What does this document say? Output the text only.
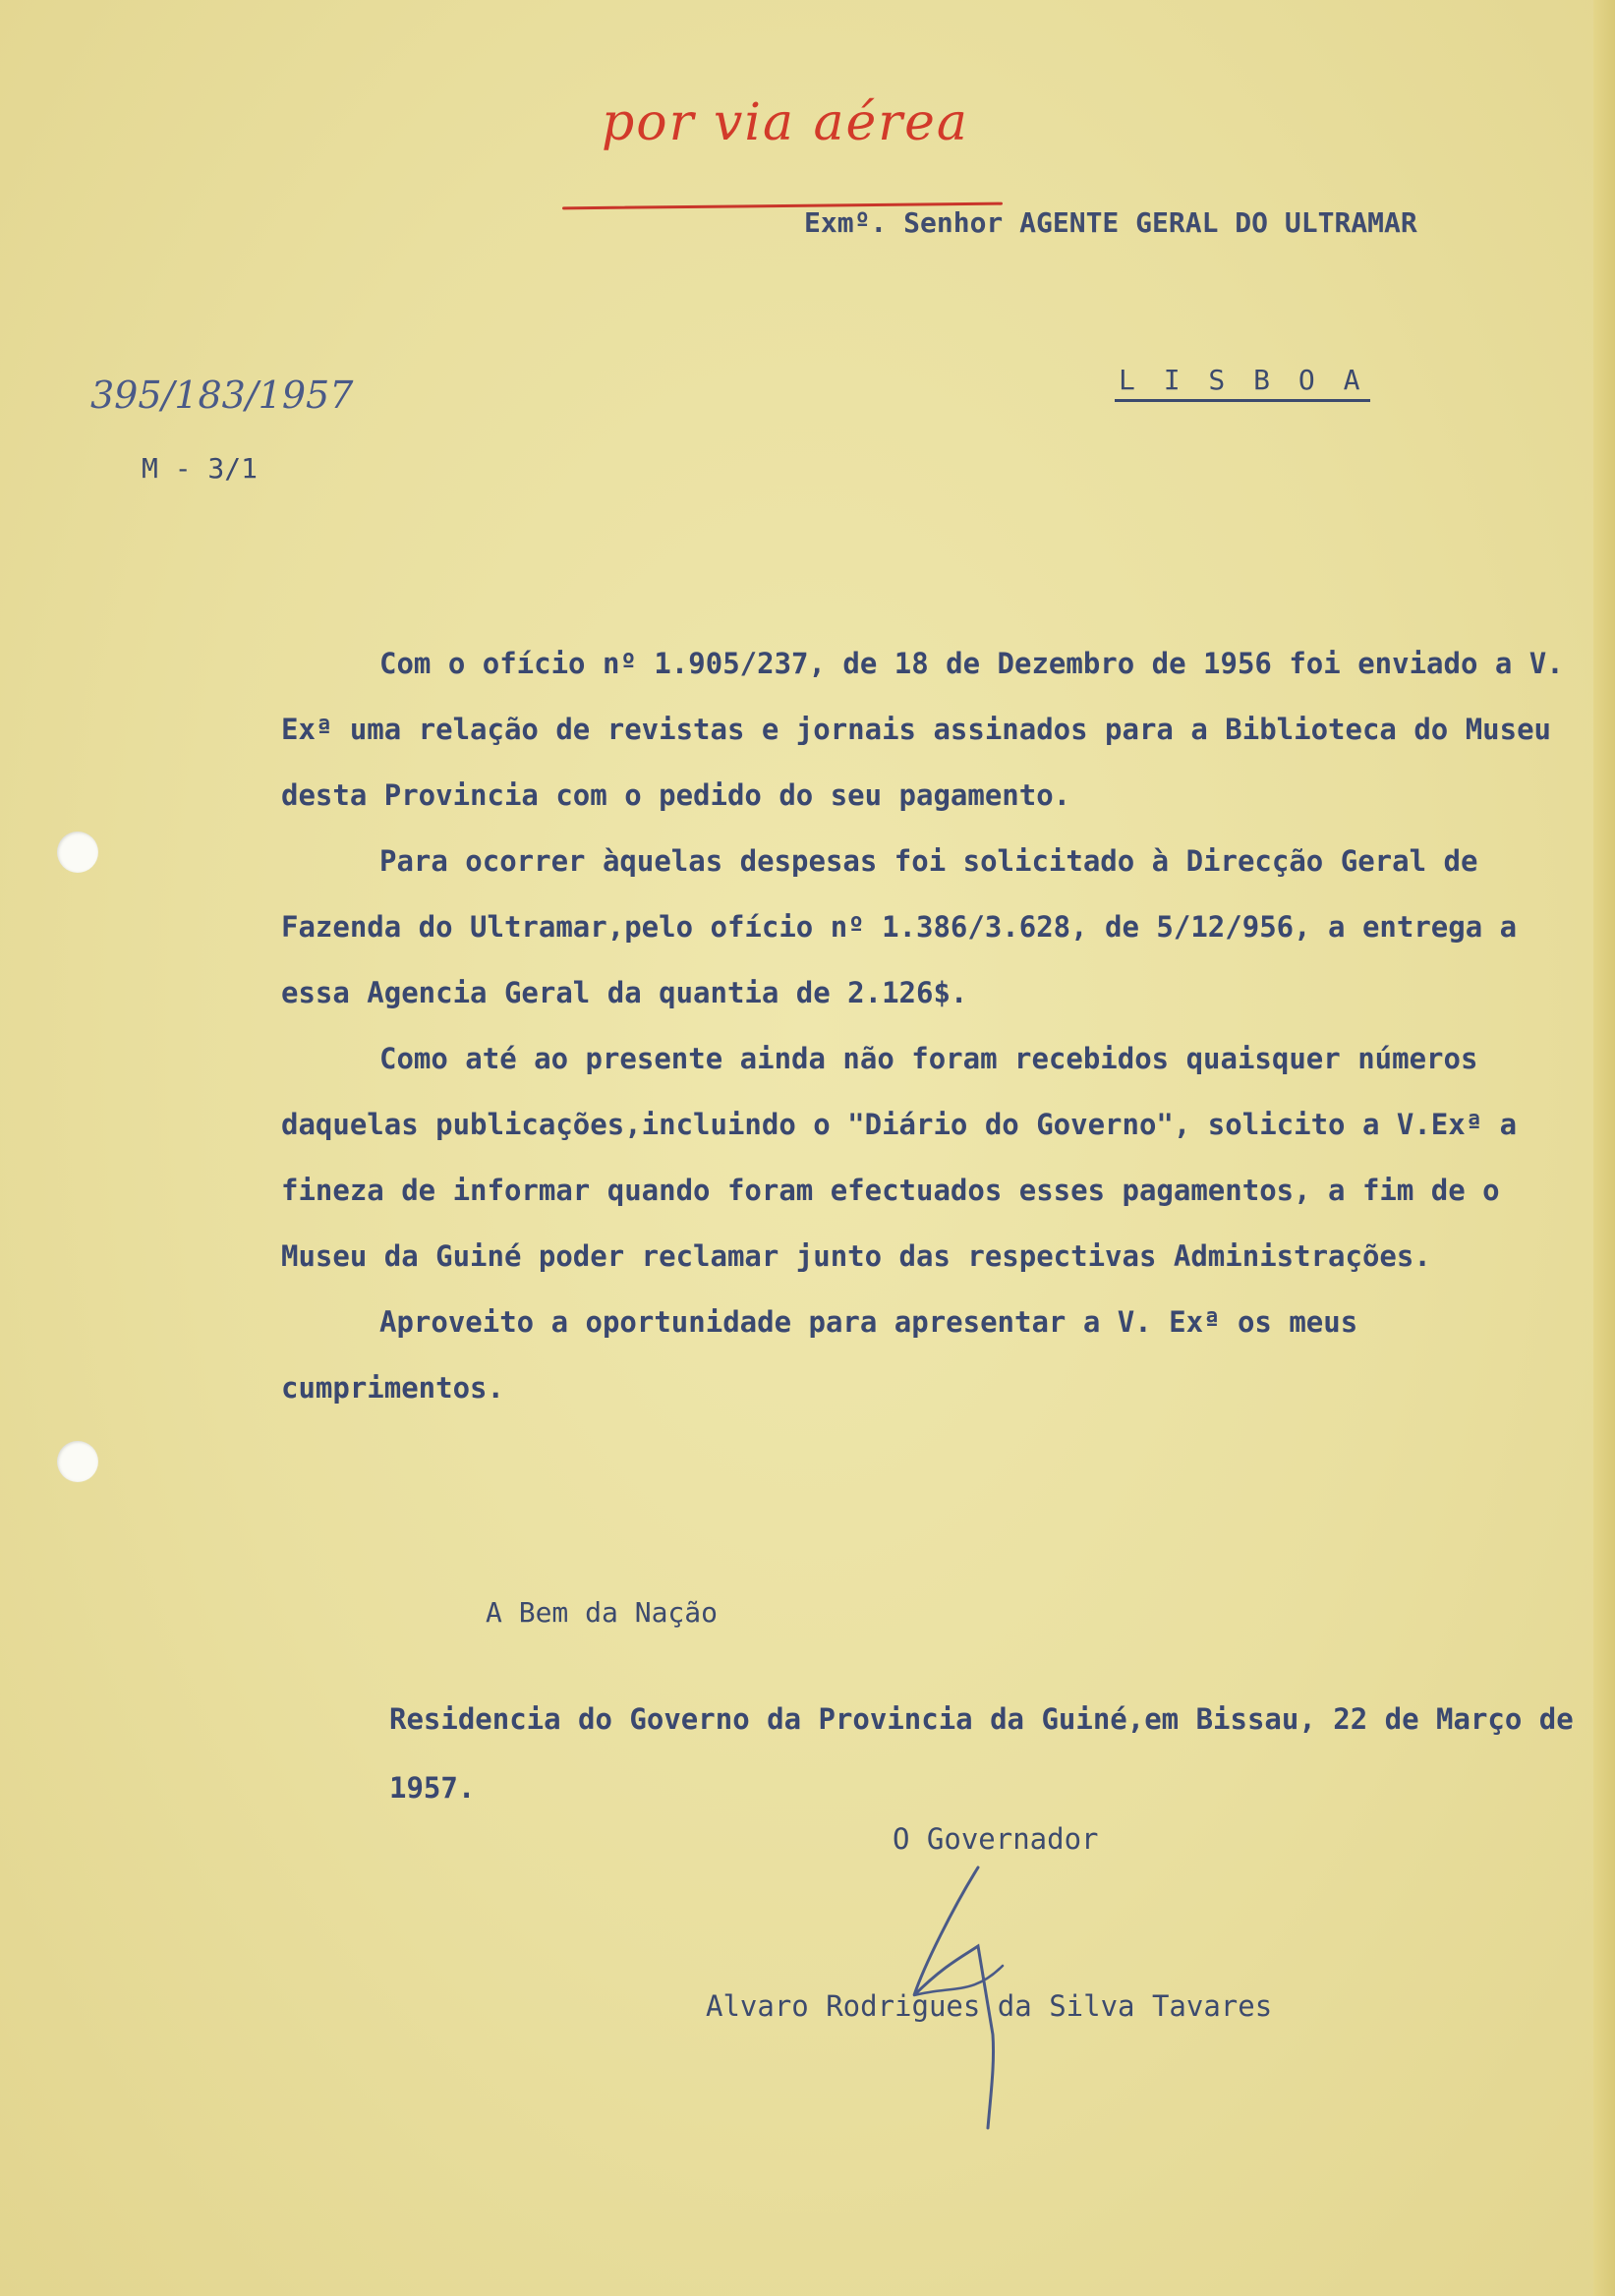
por via aérea
Exmº. Senhor AGENTE GERAL DO ULTRAMAR
L I S B O A
395/183/1957
M - 3/1

Com o ofício nº 1.905/237, de 18 de Dezembro de 1956 foi enviado a V. Exª uma relação de revistas e jornais assinados para a Biblioteca do Museu desta Provincia com o pedido do seu pagamento.

Para ocorrer àquelas despesas foi solicitado à Direcção Geral de Fazenda do Ultramar,pelo ofício nº 1.386/3.628, de 5/12/956, a entrega a essa Agencia Geral da quantia de 2.126$.

Como até ao presente ainda não foram recebidos quaisquer números daquelas publicações,incluindo o "Diário do Governo", solicito a V.Exª a fineza de informar quando foram efectuados esses pagamentos, a fim de o Museu da Guiné poder reclamar junto das respectivas Administrações.

Aproveito a oportunidade para apresentar a V. Exª os meus cumprimentos.

A Bem da Nação
Residencia do Governo da Provincia da Guiné,em Bissau, 22 de Março de 1957.
O Governador
Alvaro Rodrigues da Silva Tavares
